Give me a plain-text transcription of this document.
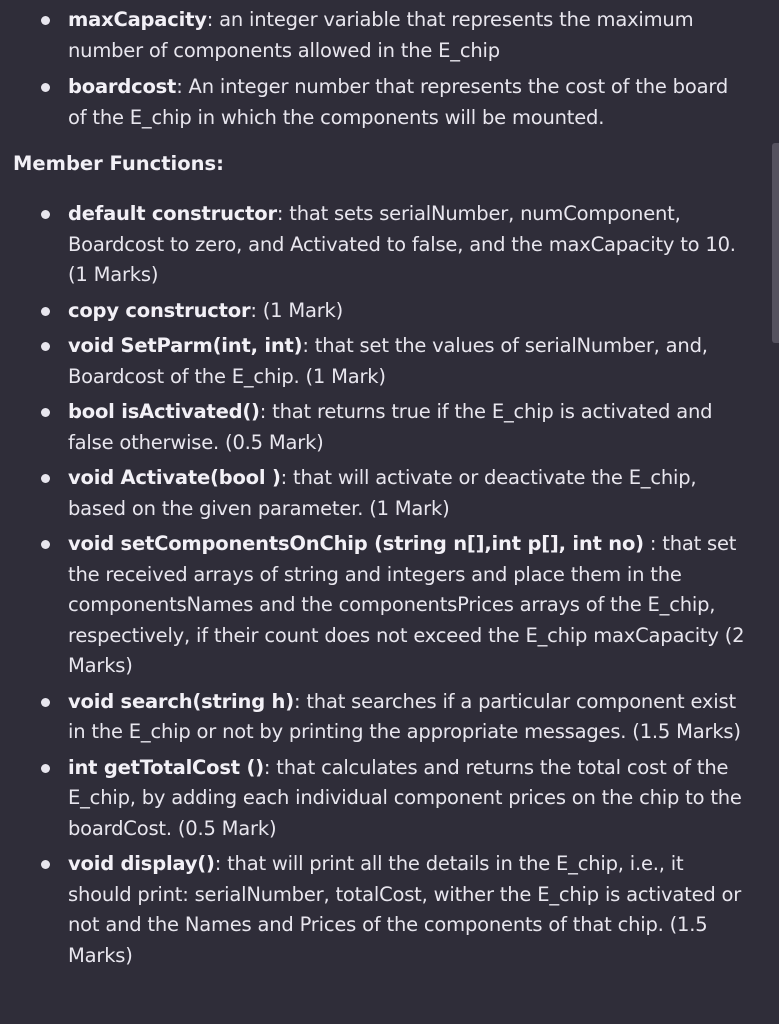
maxCapacity: an integer variable that represents the maximum number of components allowed in the E_chip
boardcost: An integer number that represents the cost of the board of the E_chip in which the components will be mounted.
Member Functions:
default constructor: that sets serialNumber, numComponent, Boardcost to zero, and Activated to false, and the maxCapacity to 10. (1 Marks)
copy constructor: (1 Mark)
void SetParm(int, int): that set the values of serialNumber, and, Boardcost of the E_chip. (1 Mark)
bool isActivated(): that returns true if the E_chip is activated and false otherwise. (0.5 Mark)
void Activate(bool ): that will activate or deactivate the E_chip, based on the given parameter. (1 Mark)
void setComponentsOnChip (string n[],int p[], int no) : that set the received arrays of string and integers and place them in the componentsNames and the componentsPrices arrays of the E_chip, respectively, if their count does not exceed the E_chip maxCapacity (2 Marks)
void search(string h): that searches if a particular component exist in the E_chip or not by printing the appropriate messages. (1.5 Marks)
int getTotalCost (): that calculates and returns the total cost of the E_chip, by adding each individual component prices on the chip to the boardCost. (0.5 Mark)
void display(): that will print all the details in the E_chip, i.e., it should print: serialNumber, totalCost, wither the E_chip is activated or not and the Names and Prices of the components of that chip. (1.5 Marks)
